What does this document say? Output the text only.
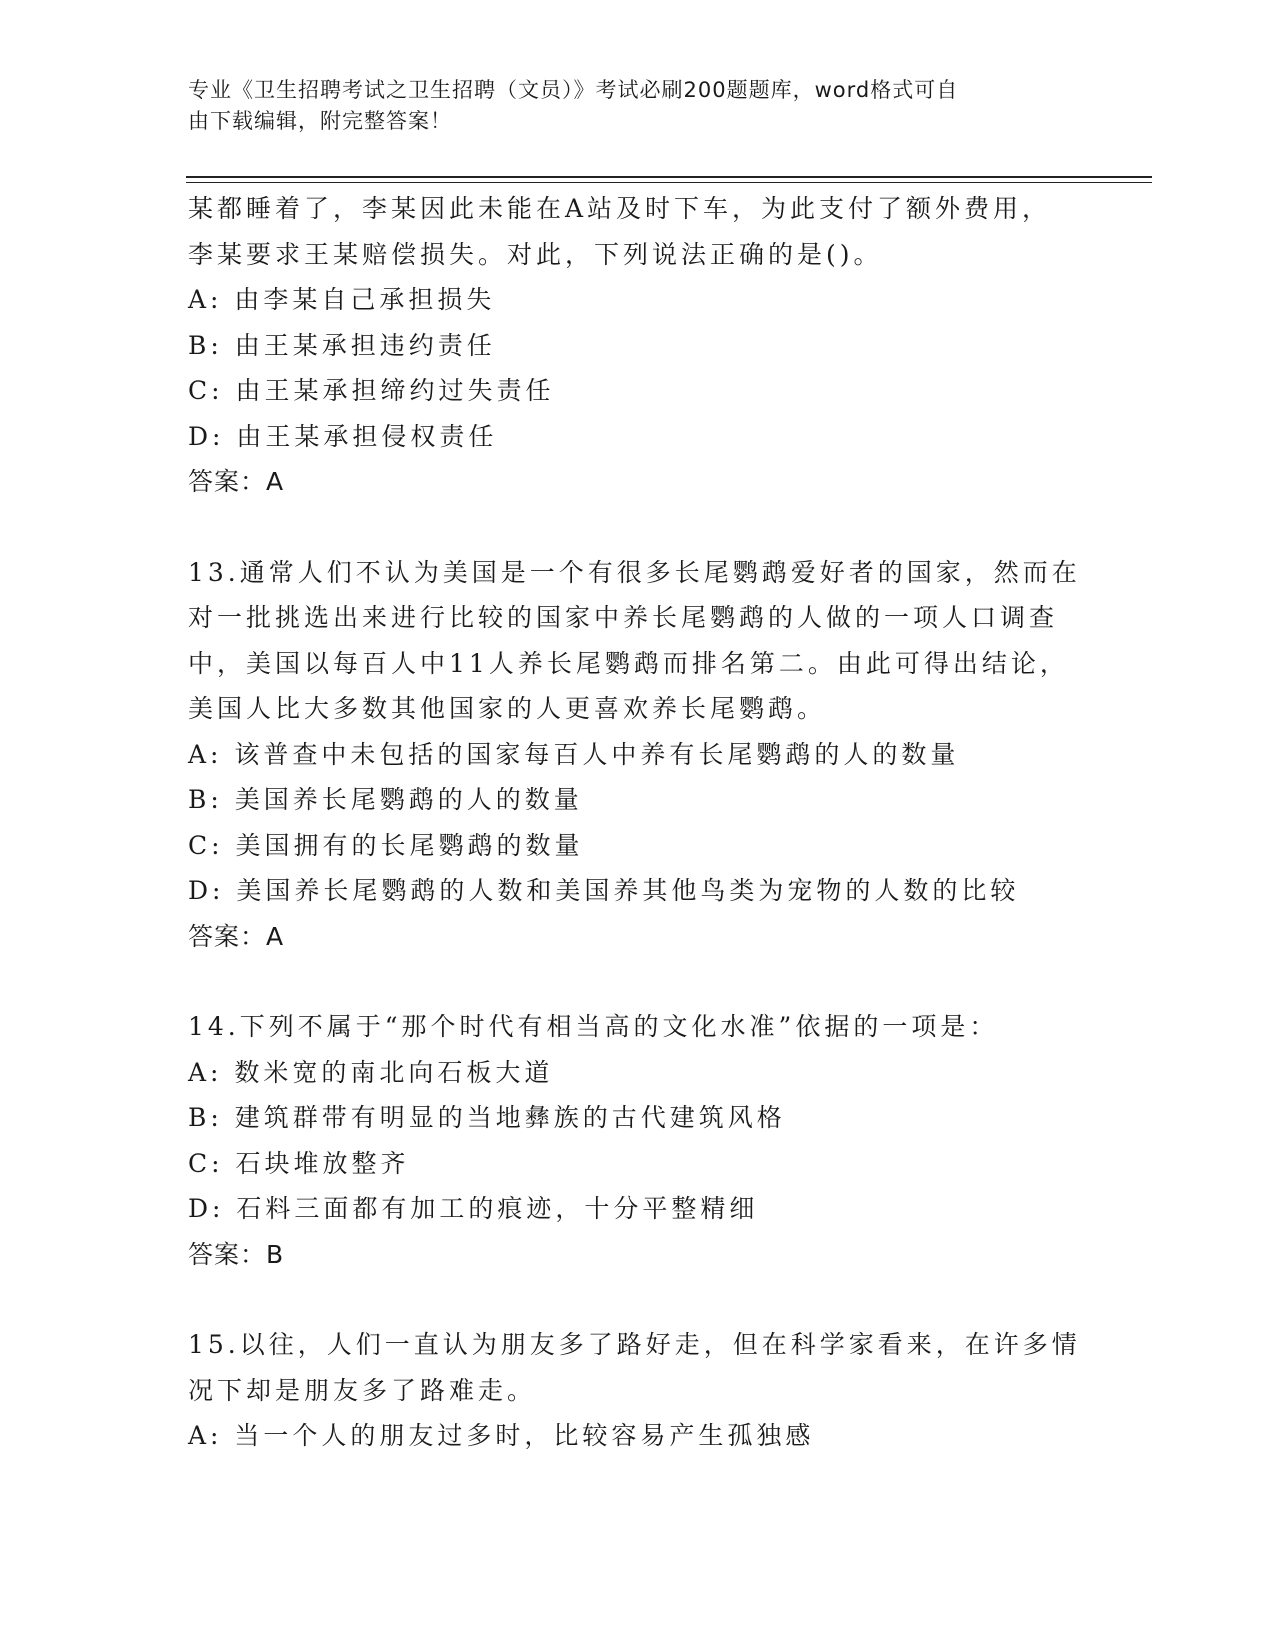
专业《卫生招聘考试之卫生招聘（文员）》考试必刷200题题库，word格式可自
由下载编辑，附完整答案！
某都睡着了，李某因此未能在A站及时下车，为此支付了额外费用，
李某要求王某赔偿损失。对此，下列说法正确的是()。
A: 由李某自己承担损失
B: 由王某承担违约责任
C: 由王某承担缔约过失责任
D: 由王某承担侵权责任
答案：A
13.通常人们不认为美国是一个有很多长尾鹦鹉爱好者的国家，然而在
对一批挑选出来进行比较的国家中养长尾鹦鹉的人做的一项人口调查
中，美国以每百人中11人养长尾鹦鹉而排名第二。由此可得出结论，
美国人比大多数其他国家的人更喜欢养长尾鹦鹉。
A: 该普查中未包括的国家每百人中养有长尾鹦鹉的人的数量
B: 美国养长尾鹦鹉的人的数量
C: 美国拥有的长尾鹦鹉的数量
D: 美国养长尾鹦鹉的人数和美国养其他鸟类为宠物的人数的比较
答案：A
14.下列不属于“那个时代有相当高的文化水准”依据的一项是：
A: 数米宽的南北向石板大道
B: 建筑群带有明显的当地彝族的古代建筑风格
C: 石块堆放整齐
D: 石料三面都有加工的痕迹，十分平整精细
答案：B
15.以往，人们一直认为朋友多了路好走，但在科学家看来，在许多情
况下却是朋友多了路难走。
A: 当一个人的朋友过多时，比较容易产生孤独感
